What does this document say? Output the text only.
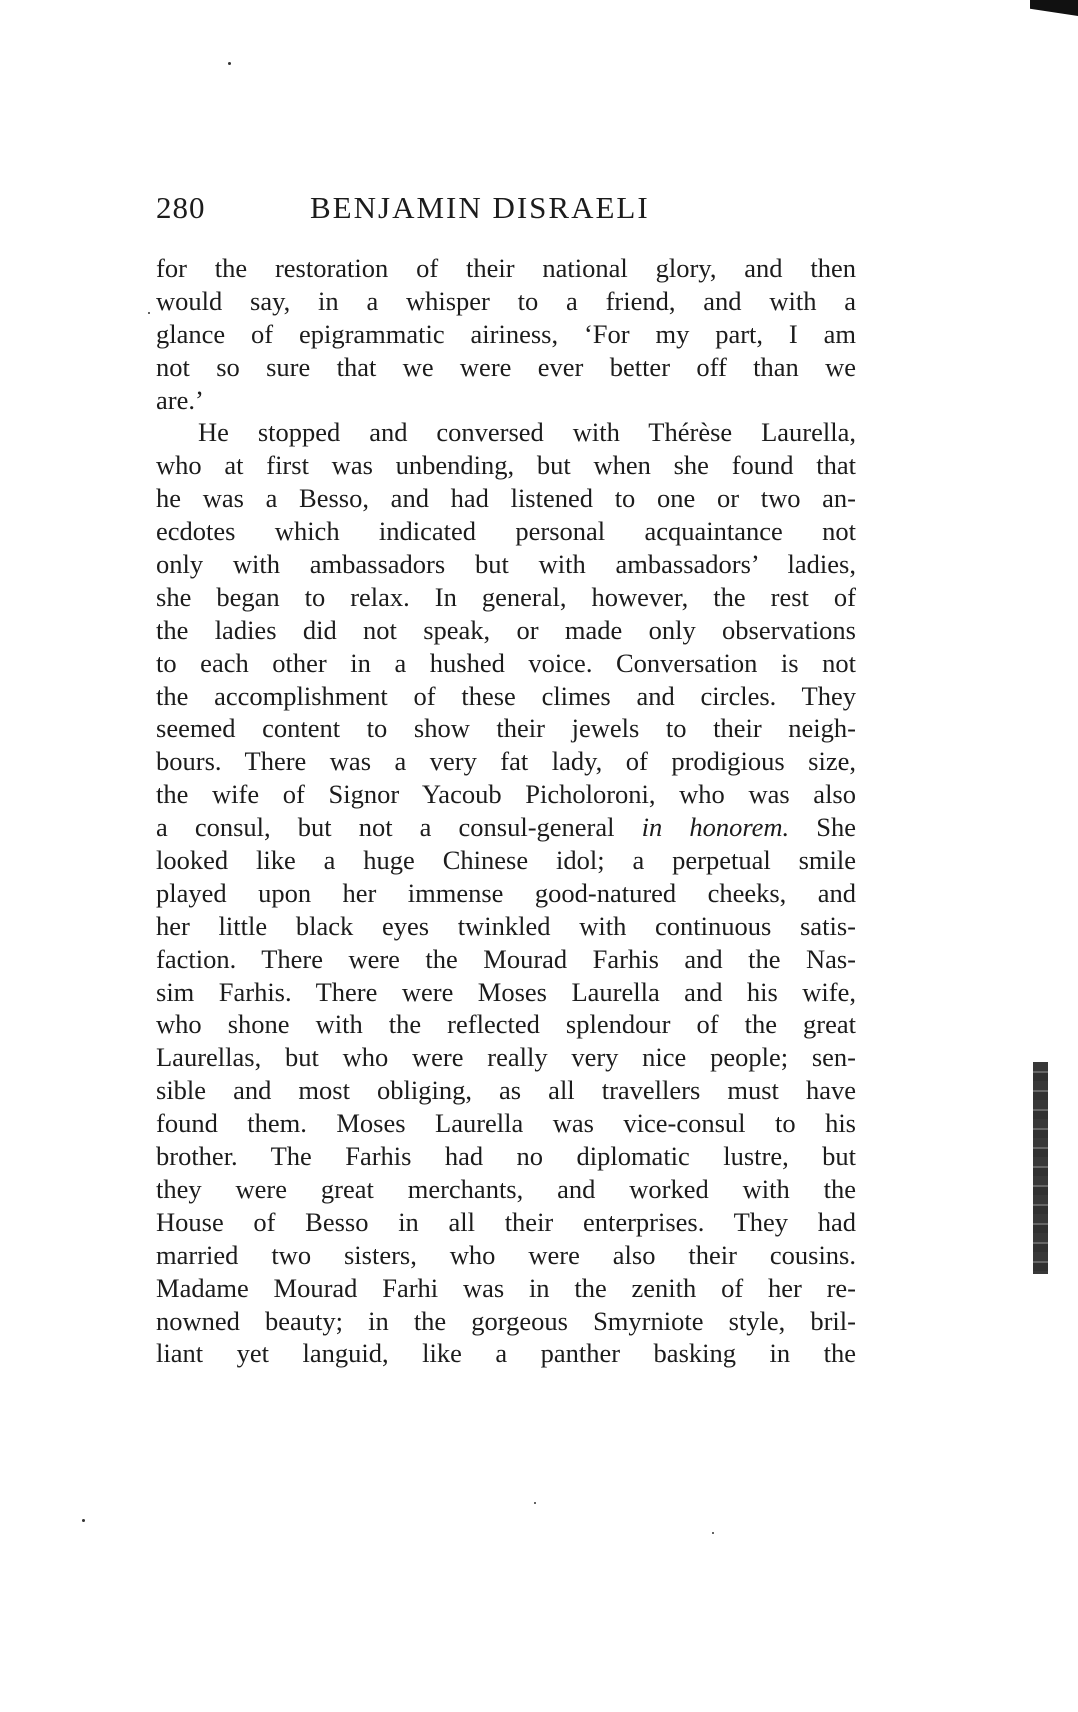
280	BENJAMIN DISRAELI
for the restoration of their national glory, and then
would say, in a whisper to a friend, and with a
glance of epigrammatic airiness, ‘For my part, I am
not so sure that we were ever better off than we
are.’
He stopped and conversed with Thérèse Laurella,
who at first was unbending, but when she found that
he was a Besso, and had listened to one or two an-
ecdotes which indicated personal acquaintance not
only with ambassadors but with ambassadors’ ladies,
she began to relax. In general, however, the rest of
the ladies did not speak, or made only observations
to each other in a hushed voice. Conversation is not
the accomplishment of these climes and circles. They
seemed content to show their jewels to their neigh-
bours. There was a very fat lady, of prodigious size,
the wife of Signor Yacoub Picholoroni, who was also
a consul, but not a consul-general in honorem. She
looked like a huge Chinese idol; a perpetual smile
played upon her immense good-natured cheeks, and
her little black eyes twinkled with continuous satis-
faction. There were the Mourad Farhis and the Nas-
sim Farhis. There were Moses Laurella and his wife,
who shone with the reflected splendour of the great
Laurellas, but who were really very nice people; sen-
sible and most obliging, as all travellers must have
found them. Moses Laurella was vice-consul to his
brother. The Farhis had no diplomatic lustre, but
they were great merchants, and worked with the
House of Besso in all their enterprises. They had
married two sisters, who were also their cousins.
Madame Mourad Farhi was in the zenith of her re-
nowned beauty; in the gorgeous Smyrniote style, bril-
liant yet languid, like a panther basking in the
